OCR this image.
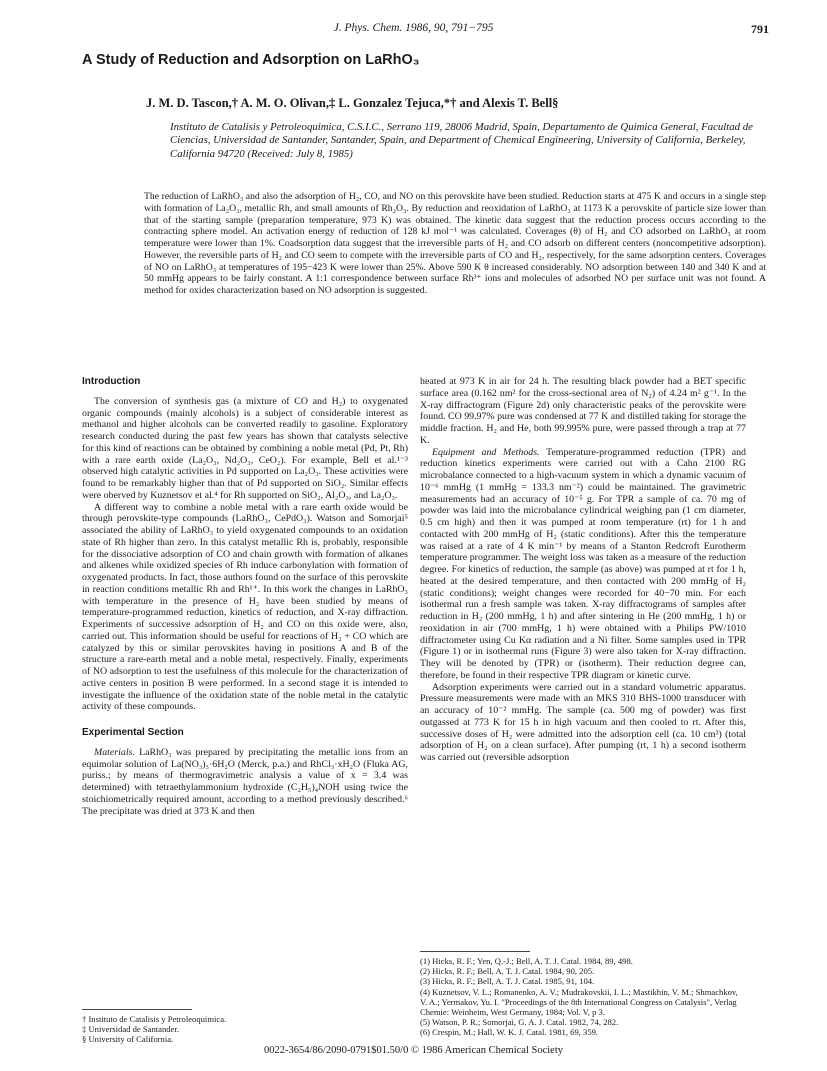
J. Phys. Chem. 1986, 90, 791−795	791
A Study of Reduction and Adsorption on LaRhO₃
J. M. D. Tascon,† A. M. O. Olivan,‡ L. Gonzalez Tejuca,*† and Alexis T. Bell§
Instituto de Catalisis y Petroleoquimica, C.S.I.C., Serrano 119, 28006 Madrid, Spain, Departamento de Quimica General, Facultad de Ciencias, Universidad de Santander, Santander, Spain, and Department of Chemical Engineering, University of California, Berkeley, California 94720 (Received: July 8, 1985)
The reduction of LaRhO₃ and also the adsorption of H₂, CO, and NO on this perovskite have been studied. Reduction starts at 475 K and occurs in a single step with formation of La₂O₃, metallic Rh, and small amounts of Rh₂O₃. By reduction and reoxidation of LaRhO₃ at 1173 K a perovskite of particle size lower than that of the starting sample (preparation temperature, 973 K) was obtained. The kinetic data suggest that the reduction process occurs according to the contracting sphere model. An activation energy of reduction of 128 kJ mol⁻¹ was calculated. Coverages (θ) of H₂ and CO adsorbed on LaRhO₃ at room temperature were lower than 1%. Coadsorption data suggest that the irreversible parts of H₂ and CO adsorb on different centers (noncompetitive adsorption). However, the reversible parts of H₂ and CO seem to compete with the irreversible parts of CO and H₂, respectively, for the same adsorption centers. Coverages of NO on LaRhO₃ at temperatures of 195−423 K were lower than 25%. Above 590 K θ increased considerably. NO adsorption between 140 and 340 K and at 50 mmHg appears to be fairly constant. A 1:1 correspondence between surface Rh³⁺ ions and molecules of adsorbed NO per surface unit was not found. A method for oxides characterization based on NO adsorption is suggested.
Introduction

The conversion of synthesis gas (a mixture of CO and H₂) to oxygenated organic compounds (mainly alcohols) is a subject of considerable interest as methanol and higher alcohols can be converted readily to gasoline. Exploratory research conducted during the past few years has shown that catalysts selective for this kind of reactions can be obtained by combining a noble metal (Pd, Pt, Rh) with a rare earth oxide (La₂O₃, Nd₂O₃, CeO₂). For example, Bell et al.¹⁻³ observed high catalytic activities in Pd supported on La₂O₃. These activities were found to be remarkably higher than that of Pd supported on SiO₂. Similar effects were oberved by Kuznetsov et al.⁴ for Rh supported on SiO₂, Al₂O₃, and La₂O₃.

A different way to combine a noble metal with a rare earth oxide would be through perovskite-type compounds (LaRhO₃, CePdO₃). Watson and Somorjai⁵ associated the ability of LaRhO₃ to yield oxygenated compounds to an oxidation state of Rh higher than zero. In this catalyst metallic Rh is, probably, responsible for the dissociative adsorption of CO and chain growth with formation of alkanes and alkenes while oxidized species of Rh induce carbonylation with formation of oxygenated products. In fact, those authors found on the surface of this perovskite in reaction conditions metallic Rh and Rh¹⁺. In this work the changes in LaRhO₃ with temperature in the presence of H₂ have been studied by means of temperature-programmed reduction, kinetics of reduction, and X-ray diffraction. Experiments of successive adsorption of H₂ and CO on this oxide were, also, carried out. This information should be useful for reactions of H₂ + CO which are catalyzed by this or similar perovskites having in positions A and B of the structure a rare-earth metal and a noble metal, respectively. Finally, experiments of NO adsorption to test the usefulness of this molecule for the characterization of active centers in position B were performed. In a second stage it is intended to investigate the influence of the oxidation state of the noble metal in the catalytic activity of these compounds.

Experimental Section

Materials. LaRhO₃ was prepared by precipitating the metallic ions from an equimolar solution of La(NO₃)₃·6H₂O (Merck, p.a.) and RhCl₃·xH₂O (Fluka AG, puriss.; by means of thermogravimetric analysis a value of x = 3.4 was determined) with tetraethylammonium hydroxide (C₂H₅)₄NOH using twice the stoichiometrically required amount, according to a method previously described.⁶ The precipitate was dried at 373 K and then

heated at 973 K in air for 24 h. The resulting black powder had a BET specific surface area (0.162 nm² for the cross-sectional area of N₂) of 4.24 m² g⁻¹. In the X-ray diffractogram (Figure 2d) only characteristic peaks of the perovskite were found. CO 99.97% pure was condensed at 77 K and distilled taking for storage the middle fraction. H₂ and He, both 99.995% pure, were passed through a trap at 77 K.

Equipment and Methods. Temperature-programmed reduction (TPR) and reduction kinetics experiments were carried out with a Cahn 2100 RG microbalance connected to a high-vacuum system in which a dynamic vacuum of 10⁻⁶ mmHg (1 mmHg = 133.3 nm⁻²) could be maintained. The gravimetric measurements had an accuracy of 10⁻⁵ g. For TPR a sample of ca. 70 mg of powder was laid into the microbalance cylindrical weighing pan (1 cm diameter, 0.5 cm high) and then it was pumped at room temperature (rt) for 1 h and contacted with 200 mmHg of H₂ (static conditions). After this the temperature was raised at a rate of 4 K min⁻¹ by means of a Stanton Redcroft Eurotherm temperature programmer. The weight loss was taken as a measure of the reduction degree. For kinetics of reduction, the sample (as above) was pumped at rt for 1 h, heated at the desired temperature, and then contacted with 200 mmHg of H₂ (static conditions); weight changes were recorded for 40−70 min. For each isothermal run a fresh sample was taken. X-ray diffractograms of samples after reduction in H₂ (200 mmHg, 1 h) and after sintering in He (200 mmHg, 1 h) or reoxidation in air (700 mmHg, 1 h) were obtained with a Philips PW/1010 diffractometer using Cu Kα radiation and a Ni filter. Some samples used in TPR (Figure 1) or in isothermal runs (Figure 3) were also taken for X-ray diffraction. They will be denoted by (TPR) or (isotherm). Their reduction degree can, therefore, be found in their respective TPR diagram or kinetic curve.

Adsorption experiments were carried out in a standard volumetric apparatus. Pressure measurements were made with an MKS 310 BHS-1000 transducer with an accuracy of 10⁻² mmHg. The sample (ca. 500 mg of powder) was first outgassed at 773 K for 15 h in high vacuum and then cooled to rt. After this, successive doses of H₂ were admitted into the adsorption cell (ca. 10 cm³) (total adsorption of H₂ on a clean surface). After pumping (rt, 1 h) a second isotherm was carried out (reversible adsorption

† Instituto de Catalisis y Petroleoquimica.
‡ Universidad de Santander.
§ University of California.
(1) Hicks, R. F.; Yen, Q.-J.; Bell, A. T. J. Catal. 1984, 89, 498.
(2) Hicks, R. F.; Bell, A. T. J. Catal. 1984, 90, 205.
(3) Hicks, R. F.; Bell, A. T. J. Catal. 1985, 91, 104.
(4) Kuznetsov, V. L.; Romanenko, A. V.; Mudrakovskii, I. L.; Mastikhin, V. M.; Shmachkov, V. A.; Yermakov, Yu. I. "Proceedings of the 8th International Congress on Catalysis", Verlag Chemie: Weinheim, West Germany, 1984; Vol. V, p 3.
(5) Watson, P. R.; Somorjai, G. A. J. Catal. 1982, 74, 282.
(6) Crespin, M.; Hall, W. K. J. Catal. 1981, 69, 359.
0022-3654/86/2090-0791$01.50/0 © 1986 American Chemical Society
